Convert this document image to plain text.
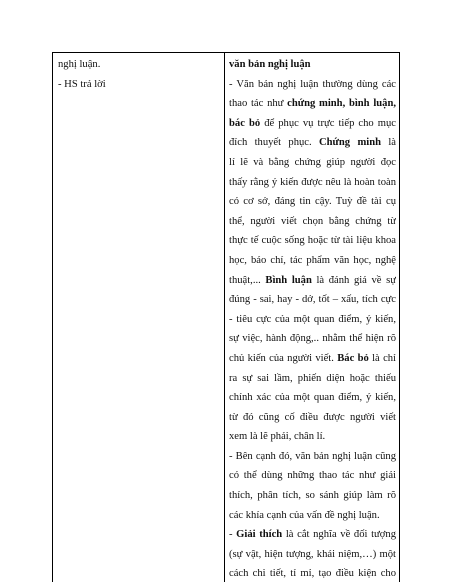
nghị luận.
- HS trả lời
văn bản nghị luận
- Văn bản nghị luận thường dùng các
thao tác như chứng minh, bình luận,
bác bỏ để phục vụ trực tiếp cho mục
đích thuyết phục. Chứng minh là
lí lẽ và bằng chứng giúp người đọc
thấy rằng ý kiến được nêu là hoàn toàn
có cơ sở, đáng tin cậy. Tuỳ đề tài cụ
thể, người viết chọn bằng chứng từ
thực tế cuộc sống hoặc từ tài liệu khoa
học, báo chí, tác phẩm văn học, nghệ
thuật,... Bình luận là đánh giá về sự
đúng - sai, hay - dở, tốt – xấu, tích cực
- tiêu cực của một quan điểm, ý kiến,
sự việc, hành động,.. nhằm thể hiện rõ
chủ kiến của người viết. Bác bỏ là chỉ
ra sự sai lầm, phiến diện hoặc thiếu
chính xác của một quan điểm, ý kiến,
từ đó cũng cố điều được người viết
xem là lẽ phải, chân lí.
- Bên cạnh đó, văn bản nghị luận cũng
có thể dùng những thao tác như giải
thích, phân tích, so sánh giúp làm rõ
các khía cạnh của vấn đề nghị luận.
- Giải thích là cắt nghĩa về đối tượng
(sự vật, hiện tượng, khái niệm,…) một
cách chi tiết, tỉ mỉ, tạo điều kiện cho
